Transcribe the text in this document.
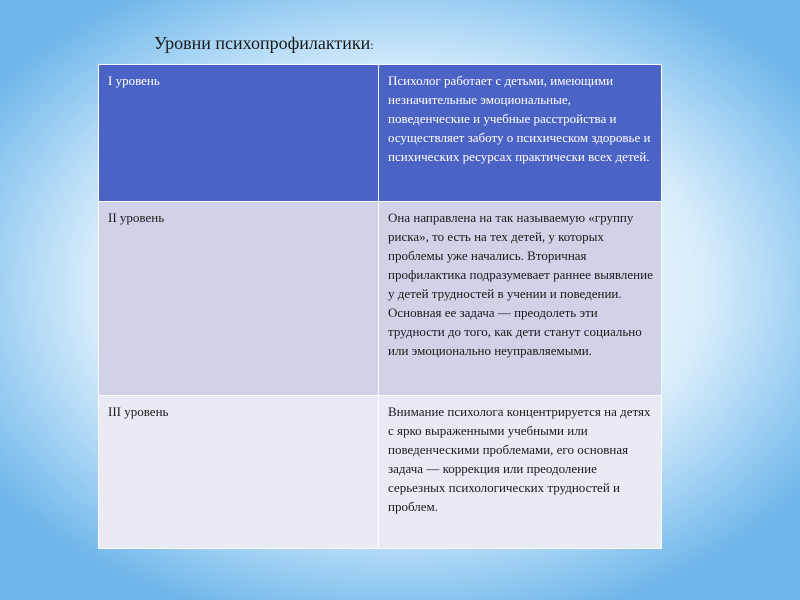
Уровни психопрофилактики:
I уровень	Психолог работает с детьми, имеющими незначительные эмоциональные, поведенческие и учебные расстройства и осуществляет заботу о психическом здоровье и психических ресурсах практически всех детей.
II уровень	Она направлена на так называемую «группу риска», то есть на тех детей, у которых проблемы уже начались. Вторичная профилактика подразумевает раннее выявление у детей трудностей в учении и поведении. Основная ее задача — преодолеть эти трудности до того, как дети станут социально или эмоционально неуправляемыми.
III уровень	Внимание психолога концентрируется на детях с ярко выраженными учебными или поведенческими проблемами, его основная задача — коррекция или преодоление серьезных психологических трудностей и проблем.
